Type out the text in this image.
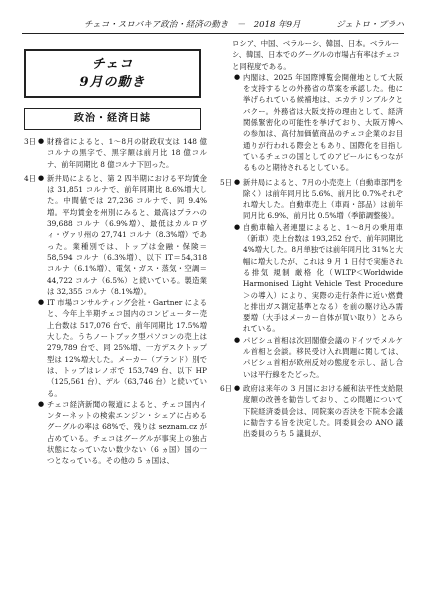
チェコ・スロバキア政治・経済の動き　－　2018 年9月	ジェトロ・プラハ
チェコ
9月の動き
政治・経済日誌
3日 ● 財務省によると、1～8月の財政収支は 148 億コルナの黒字で、黒字額は前月比 18 億コルナ、前年同期比 8 億コルナ下回った。
4日 ● 新井局によると、第 2 四半期における平均賃金は 31,851 コルナで、前年同期比 8.6%増大した。中間値では 27,236 コルナで、同 9.4%増。平均賃金を州別にみると、最高はプラハの 39,688 コルナ（6.9%増）、最低はカルロヴィ・ヴァリ州の 27,741 コルナ（8.3%増）であった。業種別では、トップは金融・保険＝58,594 コルナ（6.3%増）、以下 IT＝54,318 コルナ（6.1%増）、電気・ガス・蒸気・空調＝44,722 コルナ（6.5%）と続いている。製造業は 32,355 コルナ（8.1%増）。
● IT 市場コンサルティング会社・Gartner によると、今年上半期チェコ国内のコンピューター売上台数は 517,076 台で、前年同期比 17.5%増大した。うちノートブック型パソコンの売上は 279,789 台で、同 25%増、一方デスクトップ型は 12%増大した。メーカー（ブランド）別では、トップはレノボで 153,749 台、以下 HP（125,561 台）、デル（63,746 台）と続いている。
● チェコ経済新聞の報道によると、チェコ国内インターネットの検索エンジン・シェアに占めるグーグルの率は 68%で、残りは seznam.cz が占めている。チェコはグーグルが事実上の独占状態になっていない数少ない（6 ヵ国）国の一つとなっている。その他の 5 ヵ国は、
ロシア、中国、ベラルーシ、韓国、日本。ベラルーシ、韓国、日本でのグーグルの市場占有率はチェコと同程度である。
● 内閣は、2025 年国際博覧会開催地として大阪を支持するとの外務省の草案を承認した。他に挙げられている候補地は、エカテリンブルクとバクー。外務省は大阪支持の理由として、経済関係緊密化の可能性を挙げており、大阪万博への参加は、高付加価値商品のチェコ企業のお目通りが行われる際会ともあり、国際化を目指しているチェコの国としてのアピールにもつながるものと期待されるとしている。
5日 ● 新井局によると、7月の小売売上（自動車部門を除く）は前年同月比 5.6%、前月比 0.7%それぞれ増大した。自動車売上（車両・部品）は前年同月比 6.9%、前月比 0.5%増（季節調整後）。
● 自動車輸入者連盟によると、1～8月の乗用車（新車）売上台数は 193,252 台で、前年同期比 4%増大した。8月単独では前年同月比 31%と大幅に増大したが、これは 9 月 1 日付で実施される排気 規制 厳格 化（WLTP＜Worldwide Harmonised Light Vehicle Test Procedure＞の導入）により、実際の走行条件に近い燃費と排出ガス測定基準となる）を前の駆け込み需要増（大手はメーカー自体が買い取り）とみられている。
● パビシュ首相は次回閣僚会議のドイツでメルケル首相と会談。移民受け入れ問題に関しては、パビシュ首相が欧州反対の態度を示し、話し合いは平行線をたどった。
6日 ● 政府は来年の 3 月国における緩和法平性支給限度額の改善を勧告しており、この問題について下院経済委員会は、同院案の否決を下院本会議に勧告する旨を決定した。同委員会の ANO 議出委員のうち 5 議員が、
